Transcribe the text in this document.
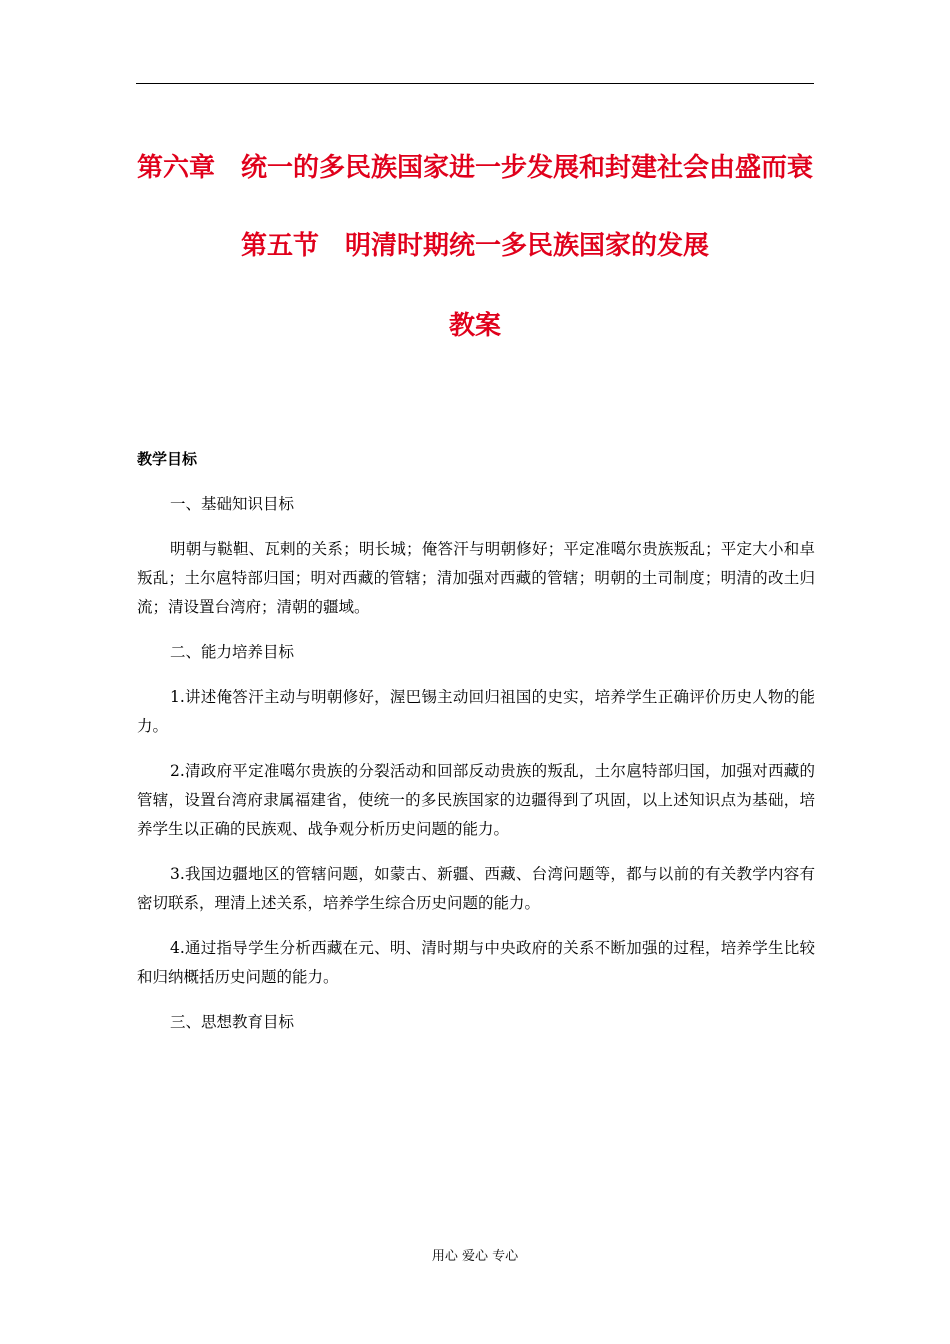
第六章　统一的多民族国家进一步发展和封建社会由盛而衰
第五节　明清时期统一多民族国家的发展
教案
教学目标
一、基础知识目标
明朝与鞑靼、瓦剌的关系；明长城；俺答汗与明朝修好；平定准噶尔贵族叛乱；平定大小和卓叛乱；土尔扈特部归国；明对西藏的管辖；清加强对西藏的管辖；明朝的土司制度；明清的改土归流；清设置台湾府；清朝的疆域。
二、能力培养目标
1.讲述俺答汗主动与明朝修好，渥巴锡主动回归祖国的史实，培养学生正确评价历史人物的能力。
2.清政府平定准噶尔贵族的分裂活动和回部反动贵族的叛乱，土尔扈特部归国，加强对西藏的管辖，设置台湾府隶属福建省，使统一的多民族国家的边疆得到了巩固，以上述知识点为基础，培养学生以正确的民族观、战争观分析历史问题的能力。
3.我国边疆地区的管辖问题，如蒙古、新疆、西藏、台湾问题等，都与以前的有关教学内容有密切联系，理清上述关系，培养学生综合历史问题的能力。
4.通过指导学生分析西藏在元、明、清时期与中央政府的关系不断加强的过程，培养学生比较和归纳概括历史问题的能力。
三、思想教育目标
用心 爱心 专心
